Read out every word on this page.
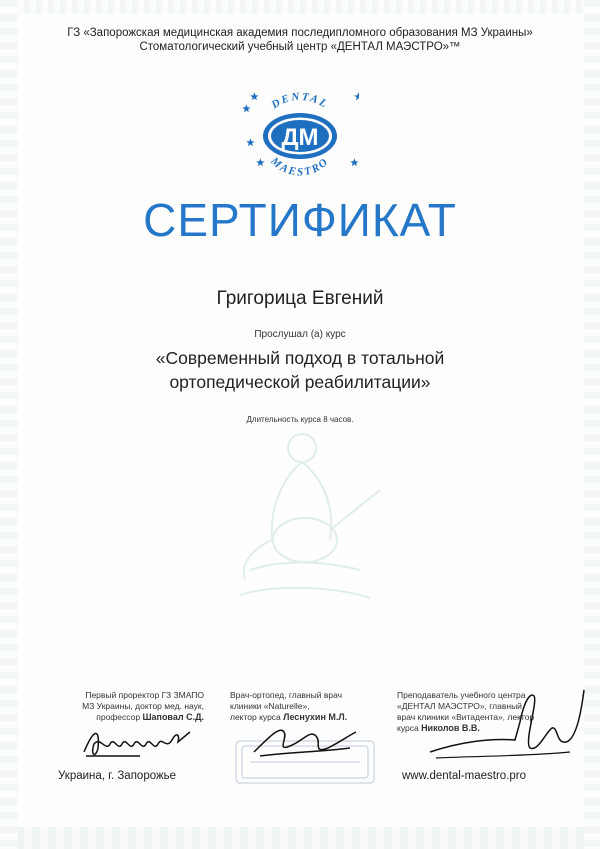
ГЗ «Запорожская медицинская академия последипломного образования МЗ Украины»
Стоматологический учебный центр «ДЕНТАЛ МАЭСТРО»™
DENTAL
MAESTRO
ДМ
СЕРТИФИКАТ
Григорица Евгений
Прослушал (а) курс
«Современный подход в тотальной
ортопедической реабилитации»
Длительность курса 8 часов.
Первый проректор ГЗ ЗМАПО
МЗ Украины, доктор мед. наук,
профессор Шаповал С.Д.
Врач-ортопед, главный врач
клиники «Naturelle»,
лектор курса Леснухин М.Л.
Преподаватель учебного центра
«ДЕНТАЛ МАЭСТРО», главный
врач клиники «Витадента», лектор
курса Николов В.В.
Украина, г. Запорожье	www.dental-maestro.pro
